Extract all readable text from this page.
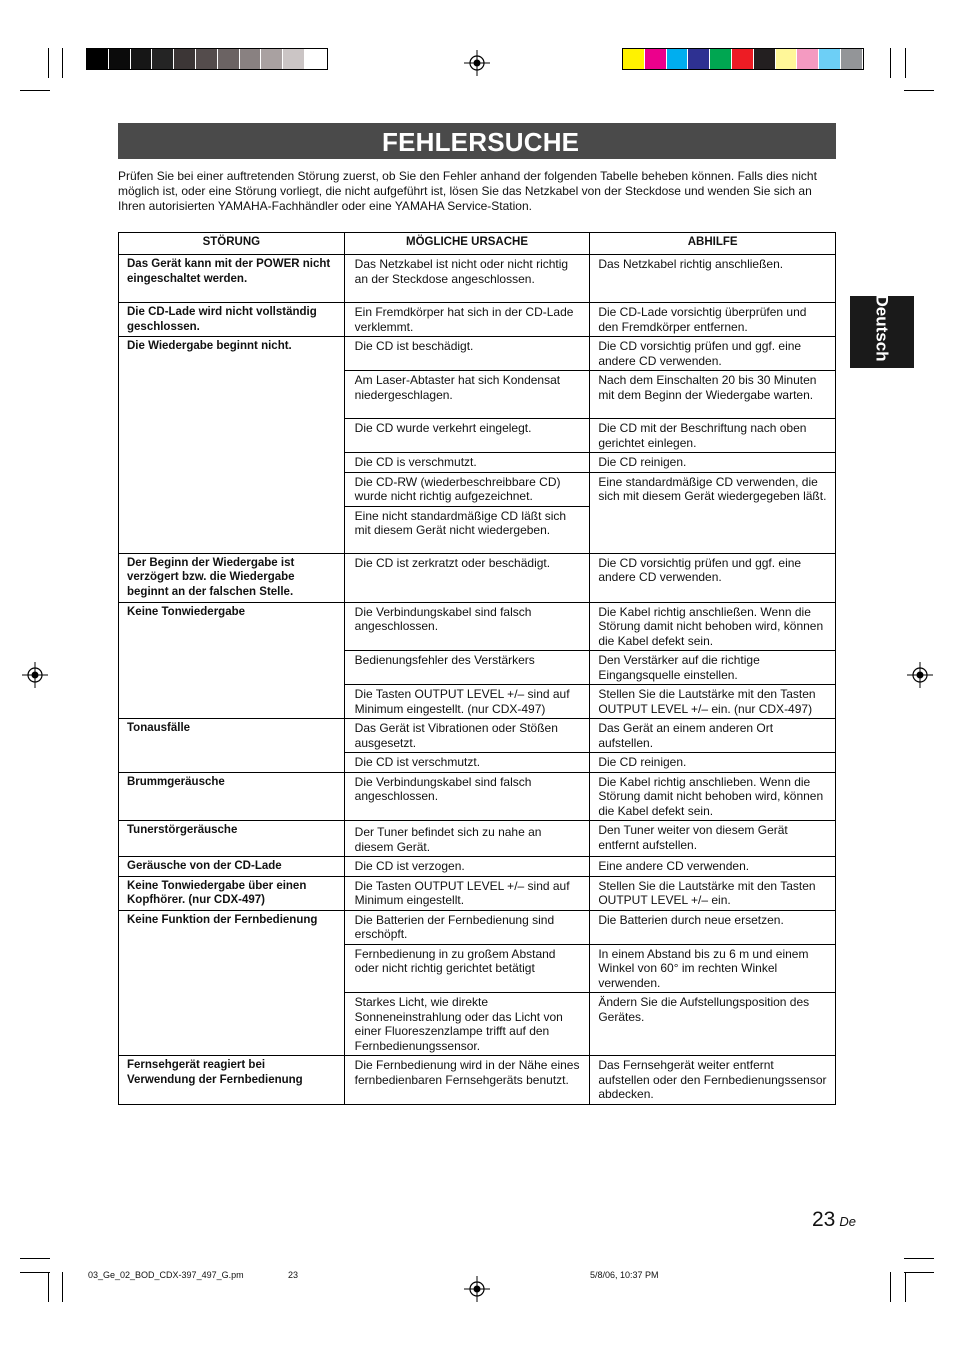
FEHLERSUCHE

Prüfen Sie bei einer auftretenden Störung zuerst, ob Sie den Fehler anhand der folgenden Tabelle beheben können. Falls dies nicht möglich ist, oder eine Störung vorliegt, die nicht aufgeführt ist, lösen Sie das Netzkabel von der Steckdose und wenden Sie sich an Ihren autorisierten YAMAHA-Fachhändler oder eine YAMAHA Service-Station.

Deutsch
STÖRUNG	MÖGLICHE URSACHE	ABHILFE
Das Gerät kann mit der POWER nicht eingeschaltet werden.	Das Netzkabel ist nicht oder nicht richtig an der Steckdose angeschlossen.	Das Netzkabel richtig anschließen.
Die CD-Lade wird nicht vollständig geschlossen.	Ein Fremdkörper hat sich in der CD-Lade verklemmt.	Die CD-Lade vorsichtig überprüfen und den Fremdkörper entfernen.
Die Wiedergabe beginnt nicht.	Die CD ist beschädigt.	Die CD vorsichtig prüfen und ggf. eine andere CD verwenden.
	Am Laser-Abtaster hat sich Kondensat niedergeschlagen.	Nach dem Einschalten 20 bis 30 Minuten mit dem Beginn der Wiedergabe warten.
	Die CD wurde verkehrt eingelegt.	Die CD mit der Beschriftung nach oben gerichtet einlegen.
	Die CD is verschmutzt.	Die CD reinigen.
	Die CD-RW (wiederbeschreibbare CD) wurde nicht richtig aufgezeichnet.	Eine standardmäßige CD verwenden, die sich mit diesem Gerät wiedergegeben läßt.
	Eine nicht standardmäßige CD läßt sich mit diesem Gerät nicht wiedergeben.	
Der Beginn der Wiedergabe ist verzögert bzw. die Wiedergabe beginnt an der falschen Stelle.	Die CD ist zerkratzt oder beschädigt.	Die CD vorsichtig prüfen und ggf. eine andere CD verwenden.
Keine Tonwiedergabe	Die Verbindungskabel sind falsch angeschlossen.	Die Kabel richtig anschließen. Wenn die Störung damit nicht behoben wird, können die Kabel defekt sein.
	Bedienungsfehler des Verstärkers	Den Verstärker auf die richtige Eingangsquelle einstellen.
	Die Tasten OUTPUT LEVEL +/– sind auf Minimum eingestellt. (nur CDX-497)	Stellen Sie die Lautstärke mit den Tasten OUTPUT LEVEL +/– ein. (nur CDX-497)
Tonausfälle	Das Gerät ist Vibrationen oder Stößen ausgesetzt.	Das Gerät an einem anderen Ort aufstellen.
	Die CD ist verschmutzt.	Die CD reinigen.
Brummgeräusche	Die Verbindungskabel sind falsch angeschlossen.	Die Kabel richtig anschlieben. Wenn die Störung damit nicht behoben wird, können die Kabel defekt sein.
Tunerstörgeräusche	Der Tuner befindet sich zu nahe an diesem Gerät.	Den Tuner weiter von diesem Gerät entfernt aufstellen.
Geräusche von der CD-Lade	Die CD ist verzogen.	Eine andere CD verwenden.
Keine Tonwiedergabe über einen Kopfhörer. (nur CDX-497)	Die Tasten OUTPUT LEVEL +/– sind auf Minimum eingestellt.	Stellen Sie die Lautstärke mit den Tasten OUTPUT LEVEL +/– ein.
Keine Funktion der Fernbedienung	Die Batterien der Fernbedienung sind erschöpft.	Die Batterien durch neue ersetzen.
	Fernbedienung in zu großem Abstand oder nicht richtig gerichtet betätigt	In einem Abstand bis zu 6 m und einem Winkel von 60° im rechten Winkel verwenden.
	Starkes Licht, wie direkte Sonneneinstrahlung oder das Licht von einer Fluoreszenzlampe trifft auf den Fernbedienungssensor.	Ändern Sie die Aufstellungsposition des Gerätes.
Fernsehgerät reagiert bei Verwendung der Fernbedienung	Die Fernbedienung wird in der Nähe eines fernbedienbaren Fernsehgeräts benutzt.	Das Fernsehgerät weiter entfernt aufstellen oder den Fernbedienungssensor abdecken.
23 De
03_Ge_02_BOD_CDX-397_497_G.pm	23	5/8/06, 10:37 PM
